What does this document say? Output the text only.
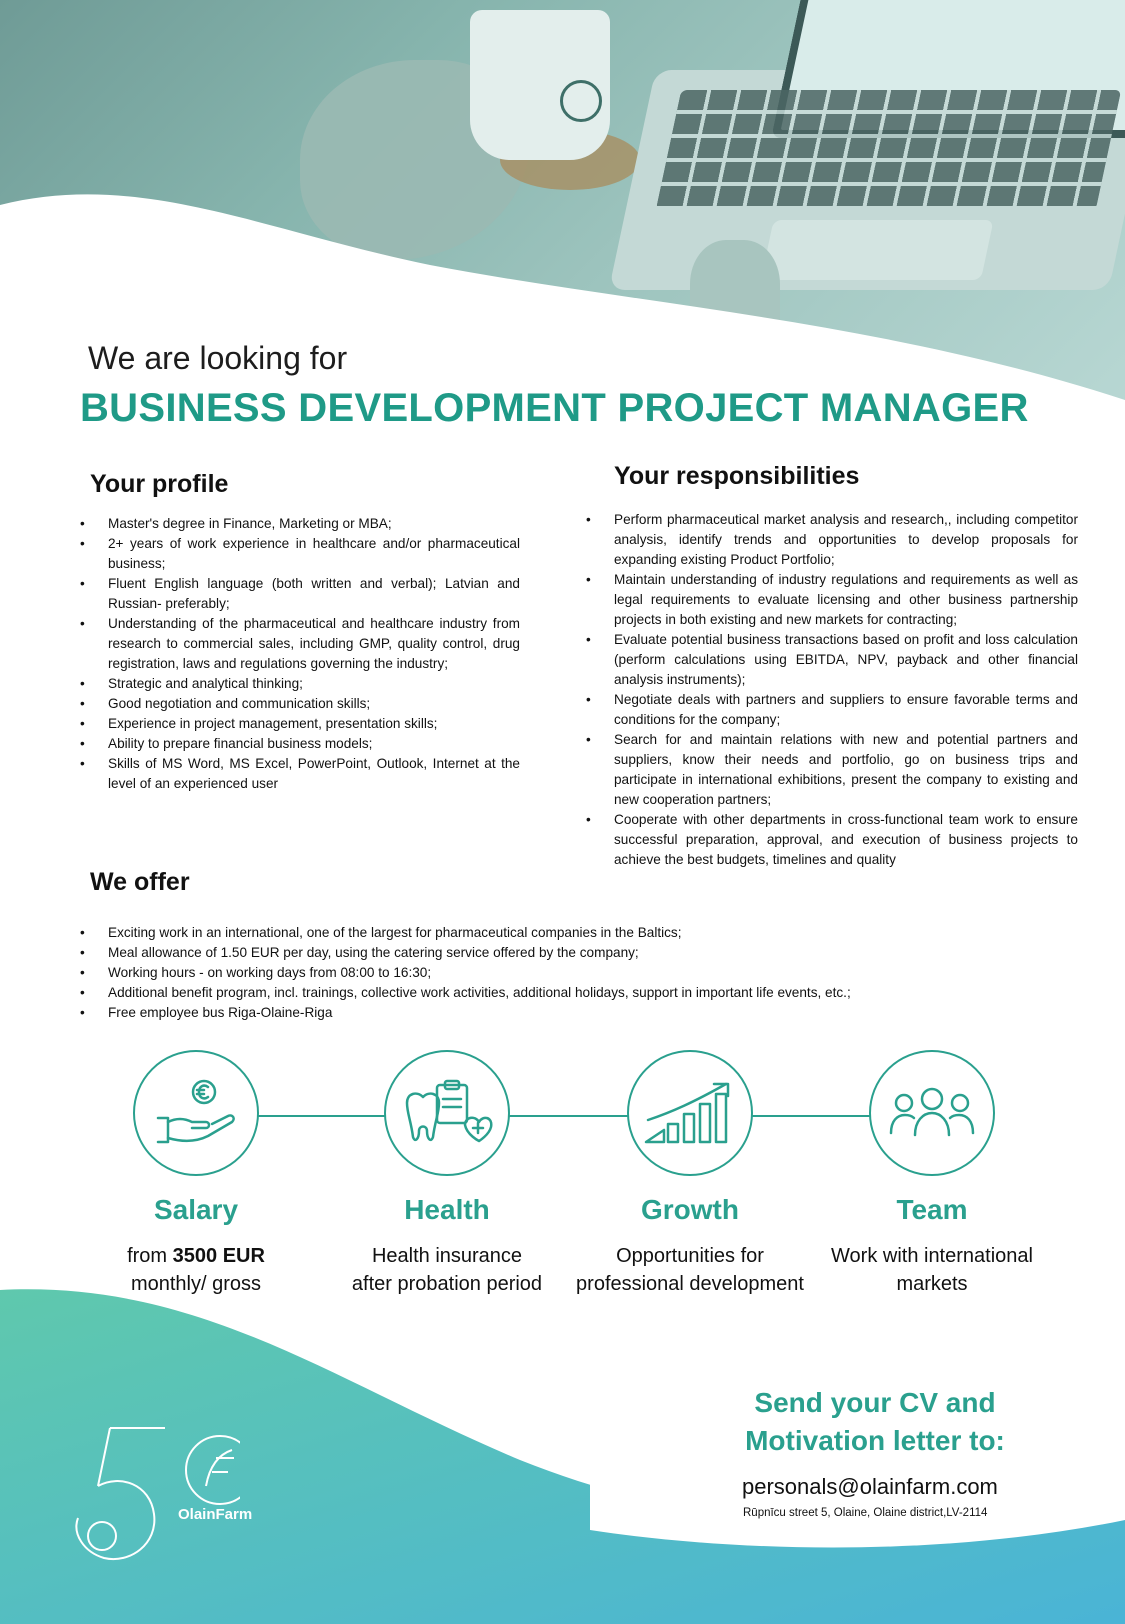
We are looking for

BUSINESS DEVELOPMENT PROJECT MANAGER
Your profile
• Master's degree in Finance, Marketing or MBA;
• 2+ years of work experience in healthcare and/or pharmaceutical business;
• Fluent English language (both written and verbal); Latvian and Russian- preferably;
• Understanding of the pharmaceutical and healthcare industry from research to commercial sales, including GMP, quality control, drug registration, laws and regulations governing the industry;
• Strategic and analytical thinking;
• Good negotiation and communication skills;
• Experience in project management, presentation skills;
• Ability to prepare financial business models;
• Skills of MS Word, MS Excel, PowerPoint, Outlook, Internet at the level of an experienced user
Your responsibilities
• Perform pharmaceutical market analysis and research,, including competitor analysis, identify trends and opportunities to develop proposals for expanding existing Product Portfolio;
• Maintain understanding of industry regulations and requirements as well as legal requirements to evaluate licensing and other business partnership projects in both existing and new markets for contracting;
• Evaluate potential business transactions based on profit and loss calculation (perform calculations using EBITDA, NPV, payback and other financial analysis instruments);
• Negotiate deals with partners and suppliers to ensure favorable terms and conditions for the company;
• Search for and maintain relations with new and potential partners and suppliers, know their needs and portfolio, go on business trips and participate in international exhibitions, present the company to existing and new cooperation partners;
• Cooperate with other departments in cross-functional team work to ensure successful preparation, approval, and execution of business projects to achieve the best budgets, timelines and quality
We offer
• Exciting work in an international, one of the largest for pharmaceutical companies in the Baltics;
• Meal allowance of 1.50 EUR per day, using the catering service offered by the company;
• Working hours - on working days from 08:00 to 16:30;
• Additional benefit program, incl. trainings, collective work activities, additional holidays, support in important life events, etc.;
• Free employee bus Riga-Olaine-Riga
Salary
from 3500 EUR
monthly/ gross
Health
Health insurance
after probation period
Growth
Opportunities for
professional development
Team
Work with international
markets
Send your CV and
Motivation letter to:
personals@olainfarm.com
Rūpnīcu street 5, Olaine, Olaine district,LV-2114
OlainFarm
